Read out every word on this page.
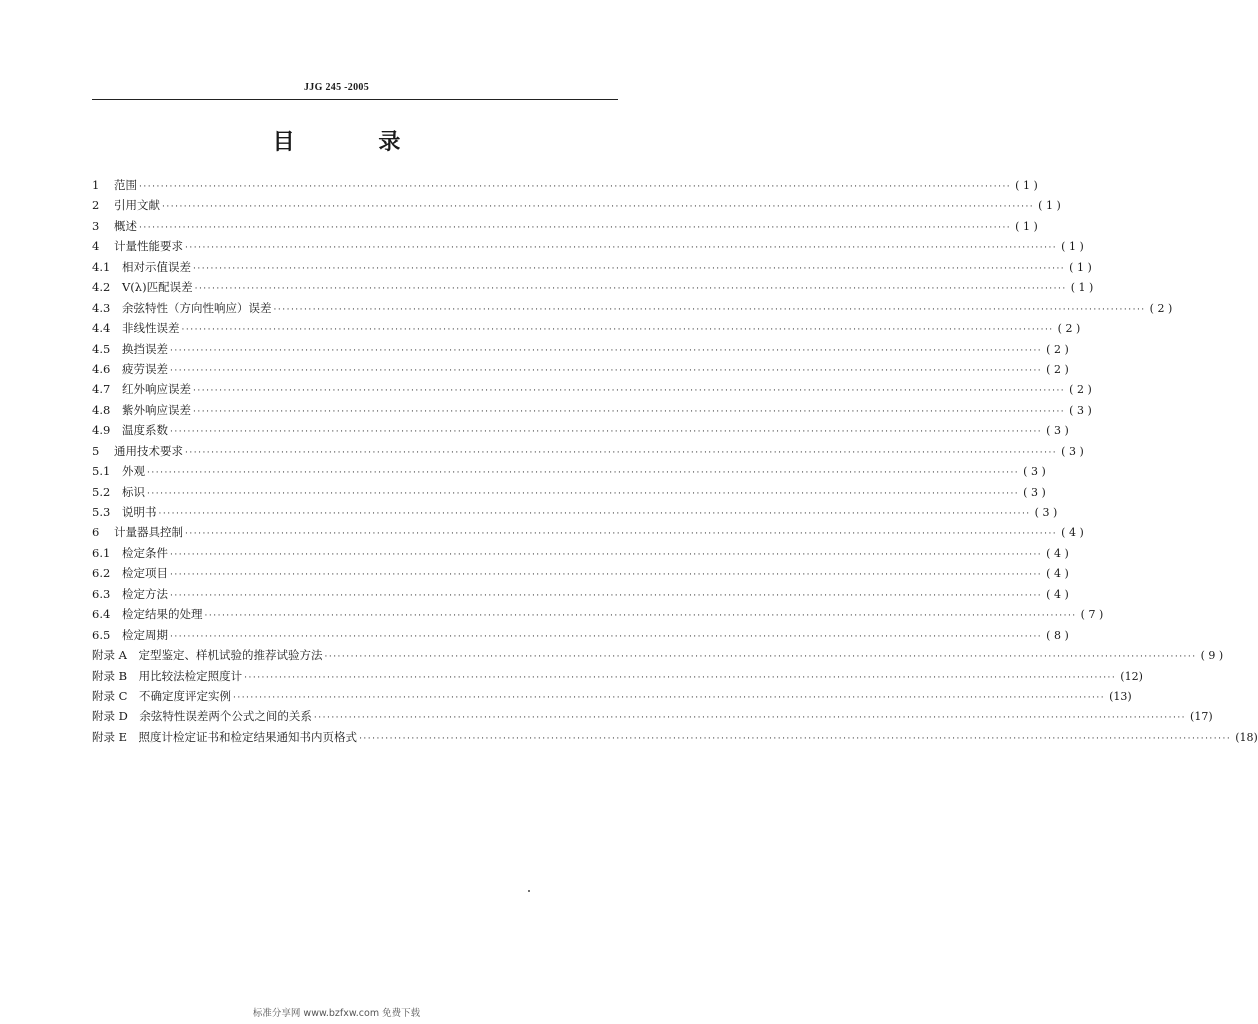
JJG 245 -2005
目 录
1	范围 ········································································································································································································ ( 1 )
2	引用文献 ········································································································································································································ ( 1 )
3	概述 ········································································································································································································ ( 1 )
4	计量性能要求 ········································································································································································································ ( 1 )
4.1	相对示值误差 ········································································································································································································ ( 1 )
4.2	V(λ)匹配误差 ········································································································································································································ ( 1 )
4.3	余弦特性（方向性响应）误差 ········································································································································································································ ( 2 )
4.4	非线性误差 ········································································································································································································ ( 2 )
4.5	换挡误差 ········································································································································································································ ( 2 )
4.6	疲劳误差 ········································································································································································································ ( 2 )
4.7	红外响应误差 ········································································································································································································ ( 2 )
4.8	紫外响应误差 ········································································································································································································ ( 3 )
4.9	温度系数 ········································································································································································································ ( 3 )
5	通用技术要求 ········································································································································································································ ( 3 )
5.1	外观 ········································································································································································································ ( 3 )
5.2	标识 ········································································································································································································ ( 3 )
5.3	说明书 ········································································································································································································ ( 3 )
6	计量器具控制 ········································································································································································································ ( 4 )
6.1	检定条件 ········································································································································································································ ( 4 )
6.2	检定项目 ········································································································································································································ ( 4 )
6.3	检定方法 ········································································································································································································ ( 4 )
6.4	检定结果的处理 ········································································································································································································ ( 7 )
6.5	检定周期 ········································································································································································································ ( 8 )
附录 A　定型鉴定、样机试验的推荐试验方法 ········································································································································································································ ( 9 )
附录 B　用比较法检定照度计 ········································································································································································································ (12)
附录 C　不确定度评定实例 ········································································································································································································ (13)
附录 D　余弦特性误差两个公式之间的关系 ········································································································································································································ (17)
附录 E　照度计检定证书和检定结果通知书内页格式 ········································································································································································································ (18)
标准分享网 www.bzfxw.com 免费下载
